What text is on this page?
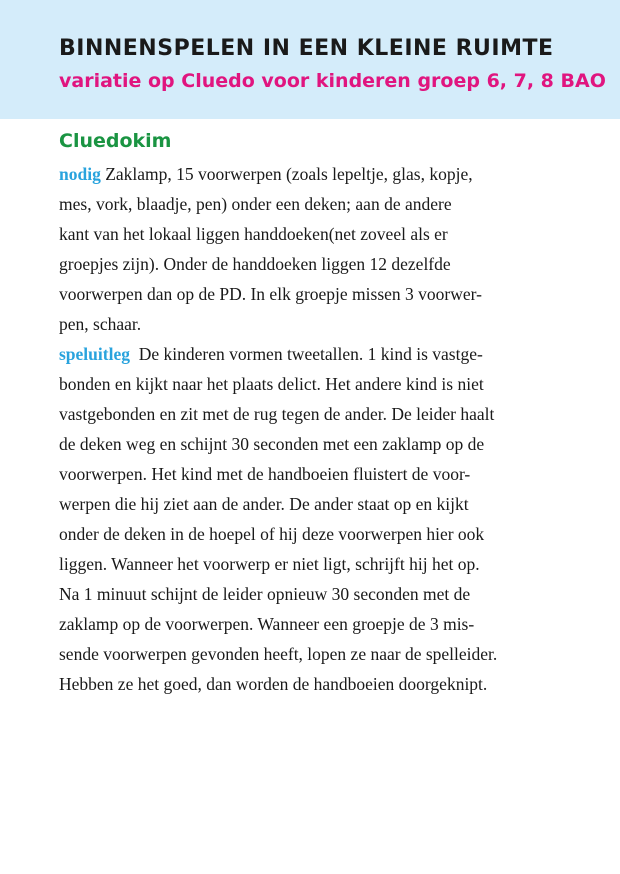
BINNENSPELEN IN EEN KLEINE RUIMTE
variatie op Cluedo voor kinderen groep 6, 7, 8 BAO
Cluedokim
nodig Zaklamp, 15 voorwerpen (zoals lepeltje, glas, kopje,
mes, vork, blaadje, pen) onder een deken; aan de andere
kant van het lokaal liggen handdoeken(net zoveel als er
groepjes zijn). Onder de handdoeken liggen 12 dezelfde
voorwerpen dan op de PD. In elk groepje missen 3 voorwer-
pen, schaar.
speluitleg  De kinderen vormen tweetallen. 1 kind is vastge-
bonden en kijkt naar het plaats delict. Het andere kind is niet
vastgebonden en zit met de rug tegen de ander. De leider haalt
de deken weg en schijnt 30 seconden met een zaklamp op de
voorwerpen. Het kind met de handboeien fluistert de voor-
werpen die hij ziet aan de ander. De ander staat op en kijkt
onder de deken in de hoepel of hij deze voorwerpen hier ook
liggen. Wanneer het voorwerp er niet ligt, schrijft hij het op.
Na 1 minuut schijnt de leider opnieuw 30 seconden met de
zaklamp op de voorwerpen. Wanneer een groepje de 3 mis-
sende voorwerpen gevonden heeft, lopen ze naar de spelleider.
Hebben ze het goed, dan worden de handboeien doorgeknipt.
